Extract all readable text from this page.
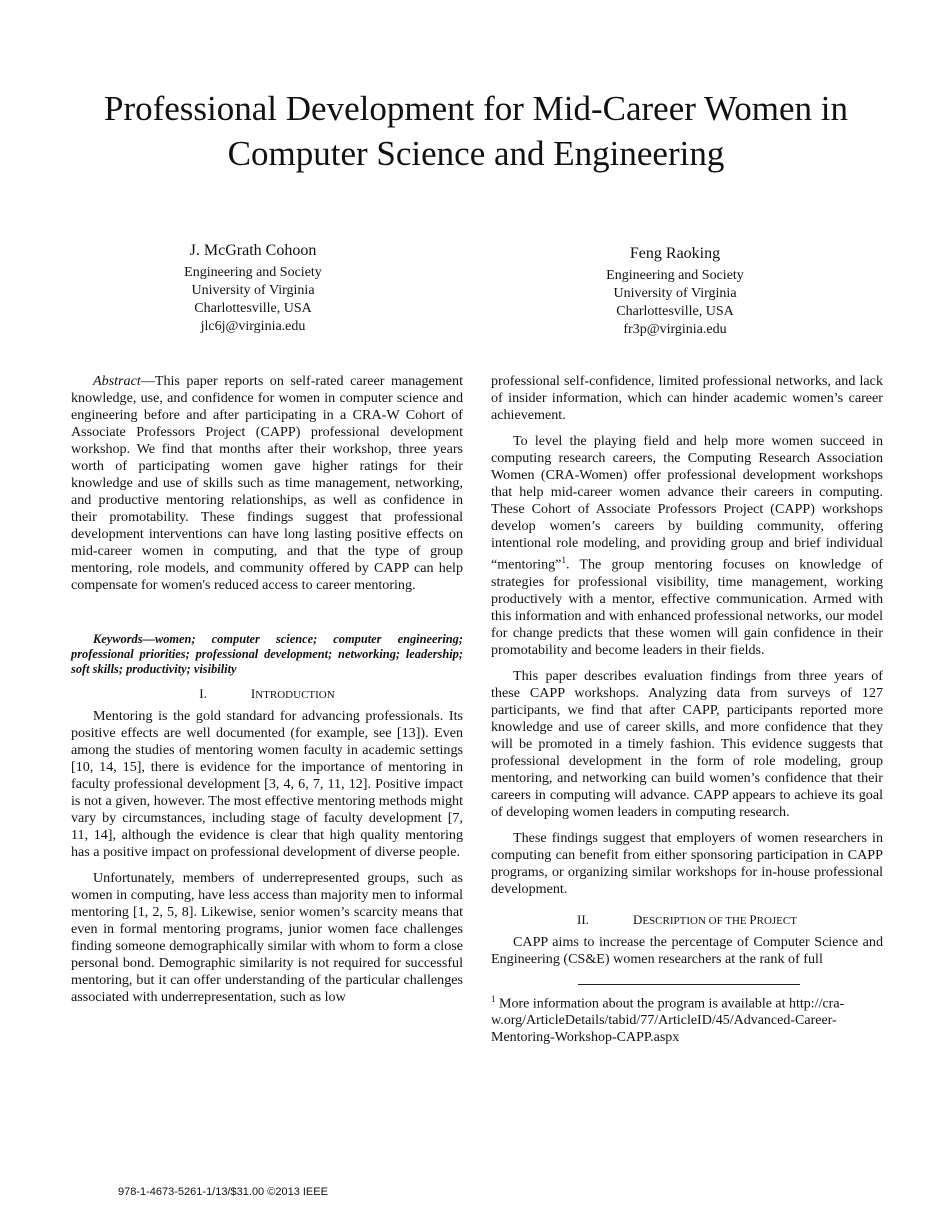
Professional Development for Mid-Career Women in Computer Science and Engineering
J. McGrath Cohoon
Engineering and Society
University of Virginia
Charlottesville, USA
jlc6j@virginia.edu
Feng Raoking
Engineering and Society
University of Virginia
Charlottesville, USA
fr3p@virginia.edu

Abstract—This paper reports on self-rated career management knowledge, use, and confidence for women in computer science and engineering before and after participating in a CRA-W Cohort of Associate Professors Project (CAPP) professional development workshop. We find that months after their workshop, three years worth of participating women gave higher ratings for their knowledge and use of skills such as time management, networking, and productive mentoring relationships, as well as confidence in their promotability. These findings suggest that professional development interventions can have long lasting positive effects on mid-career women in computing, and that the type of group mentoring, role models, and community offered by CAPP can help compensate for women's reduced access to career mentoring.

Keywords—women; computer science; computer engineering; professional priorities; professional development; networking; leadership; soft skills; productivity; visibility

I.	INTRODUCTION

Mentoring is the gold standard for advancing professionals. Its positive effects are well documented (for example, see [13]). Even among the studies of mentoring women faculty in academic settings [10, 14, 15], there is evidence for the importance of mentoring in faculty professional development [3, 4, 6, 7, 11, 12]. Positive impact is not a given, however. The most effective mentoring methods might vary by circumstances, including stage of faculty development [7, 11, 14], although the evidence is clear that high quality mentoring has a positive impact on professional development of diverse people.

Unfortunately, members of underrepresented groups, such as women in computing, have less access than majority men to informal mentoring [1, 2, 5, 8]. Likewise, senior women’s scarcity means that even in formal mentoring programs, junior women face challenges finding someone demographically similar with whom to form a close personal bond. Demographic similarity is not required for successful mentoring, but it can offer understanding of the particular challenges associated with underrepresentation, such as low

professional self-confidence, limited professional networks, and lack of insider information, which can hinder academic women’s career achievement.

To level the playing field and help more women succeed in computing research careers, the Computing Research Association Women (CRA-Women) offer professional development workshops that help mid-career women advance their careers in computing. These Cohort of Associate Professors Project (CAPP) workshops develop women’s careers by building community, offering intentional role modeling, and providing group and brief individual “mentoring”$^1$. The group mentoring focuses on knowledge of strategies for professional visibility, time management, working productively with a mentor, effective communication. Armed with this information and with enhanced professional networks, our model for change predicts that these women will gain confidence in their promotability and become leaders in their fields.

This paper describes evaluation findings from three years of these CAPP workshops. Analyzing data from surveys of 127 participants, we find that after CAPP, participants reported more knowledge and use of career skills, and more confidence that they will be promoted in a timely fashion. This evidence suggests that professional development in the form of role modeling, group mentoring, and networking can build women’s confidence that their careers in computing will advance. CAPP appears to achieve its goal of developing women leaders in computing research.

These findings suggest that employers of women researchers in computing can benefit from either sponsoring participation in CAPP programs, or organizing similar workshops for in-house professional development.

II.	DESCRIPTION OF THE PROJECT

CAPP aims to increase the percentage of Computer Science and Engineering (CS&E) women researchers at the rank of full

$^1$ More information about the program is available at http://cra-w.org/ArticleDetails/tabid/77/ArticleID/45/Advanced-Career-Mentoring-Workshop-CAPP.aspx

978-1-4673-5261-1/13/$31.00 ©2013 IEEE
